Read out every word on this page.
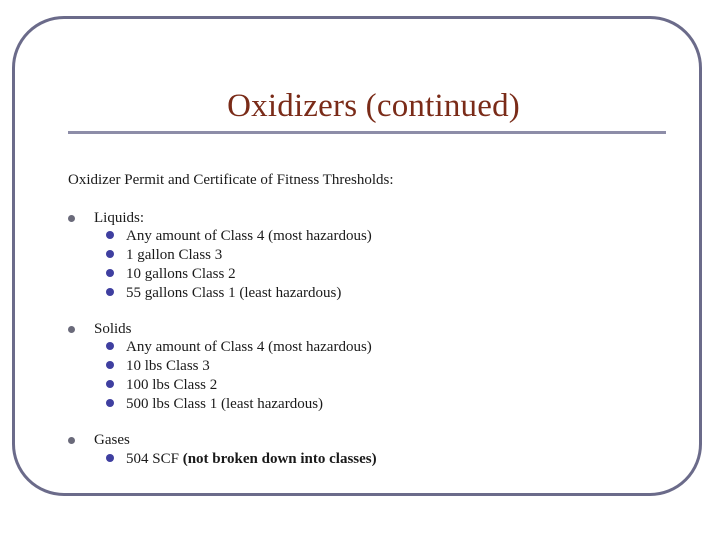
Oxidizers (continued)
Oxidizer Permit and Certificate of Fitness Thresholds:
Liquids:
Any amount of Class 4 (most hazardous)
1 gallon Class 3
10 gallons Class 2
55 gallons Class 1 (least hazardous)
Solids
Any amount of Class 4 (most hazardous)
10 lbs Class 3
100 lbs Class 2
500 lbs Class 1 (least hazardous)
Gases
504 SCF (not broken down into classes)
